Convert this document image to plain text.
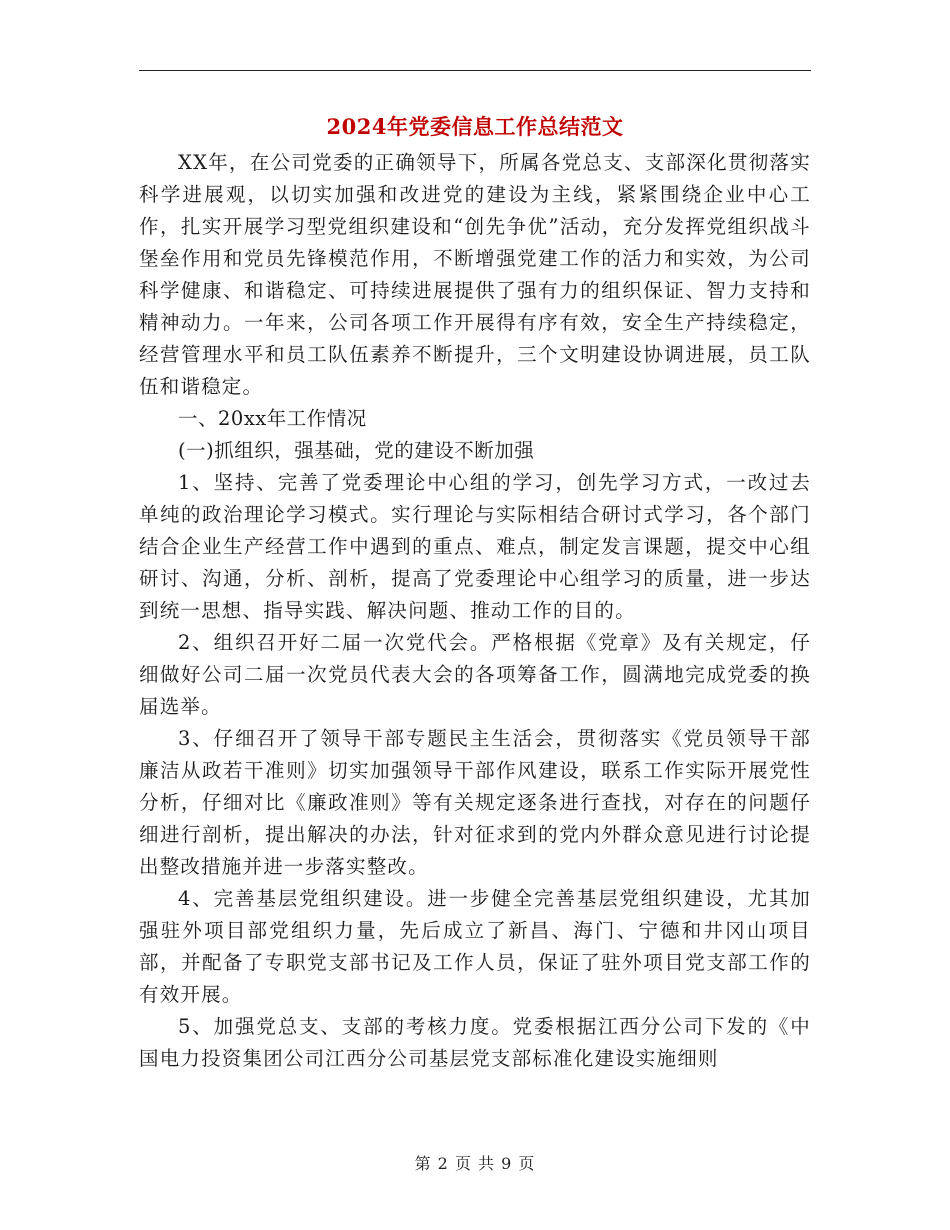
2024年党委信息工作总结范文

XX年，在公司党委的正确领导下，所属各党总支、支部深化贯彻落实科学进展观，以切实加强和改进党的建设为主线，紧紧围绕企业中心工作，扎实开展学习型党组织建设和“创先争优”活动，充分发挥党组织战斗堡垒作用和党员先锋模范作用，不断增强党建工作的活力和实效，为公司科学健康、和谐稳定、可持续进展提供了强有力的组织保证、智力支持和精神动力。一年来，公司各项工作开展得有序有效，安全生产持续稳定，经营管理水平和员工队伍素养不断提升，三个文明建设协调进展，员工队伍和谐稳定。

一、20xx年工作情况

(一)抓组织，强基础，党的建设不断加强

1、坚持、完善了党委理论中心组的学习，创先学习方式，一改过去单纯的政治理论学习模式。实行理论与实际相结合研讨式学习，各个部门结合企业生产经营工作中遇到的重点、难点，制定发言课题，提交中心组研讨、沟通，分析、剖析，提高了党委理论中心组学习的质量，进一步达到统一思想、指导实践、解决问题、推动工作的目的。

2、组织召开好二届一次党代会。严格根据《党章》及有关规定，仔细做好公司二届一次党员代表大会的各项筹备工作，圆满地完成党委的换届选举。

3、仔细召开了领导干部专题民主生活会，贯彻落实《党员领导干部廉洁从政若干准则》切实加强领导干部作风建设，联系工作实际开展党性分析，仔细对比《廉政准则》等有关规定逐条进行查找，对存在的问题仔细进行剖析，提出解决的办法，针对征求到的党内外群众意见进行讨论提出整改措施并进一步落实整改。

4、完善基层党组织建设。进一步健全完善基层党组织建设，尤其加强驻外项目部党组织力量，先后成立了新昌、海门、宁德和井冈山项目部，并配备了专职党支部书记及工作人员，保证了驻外项目党支部工作的有效开展。

5、加强党总支、支部的考核力度。党委根据江西分公司下发的《中国电力投资集团公司江西分公司基层党支部标准化建设实施细则

第 2 页 共 9 页
